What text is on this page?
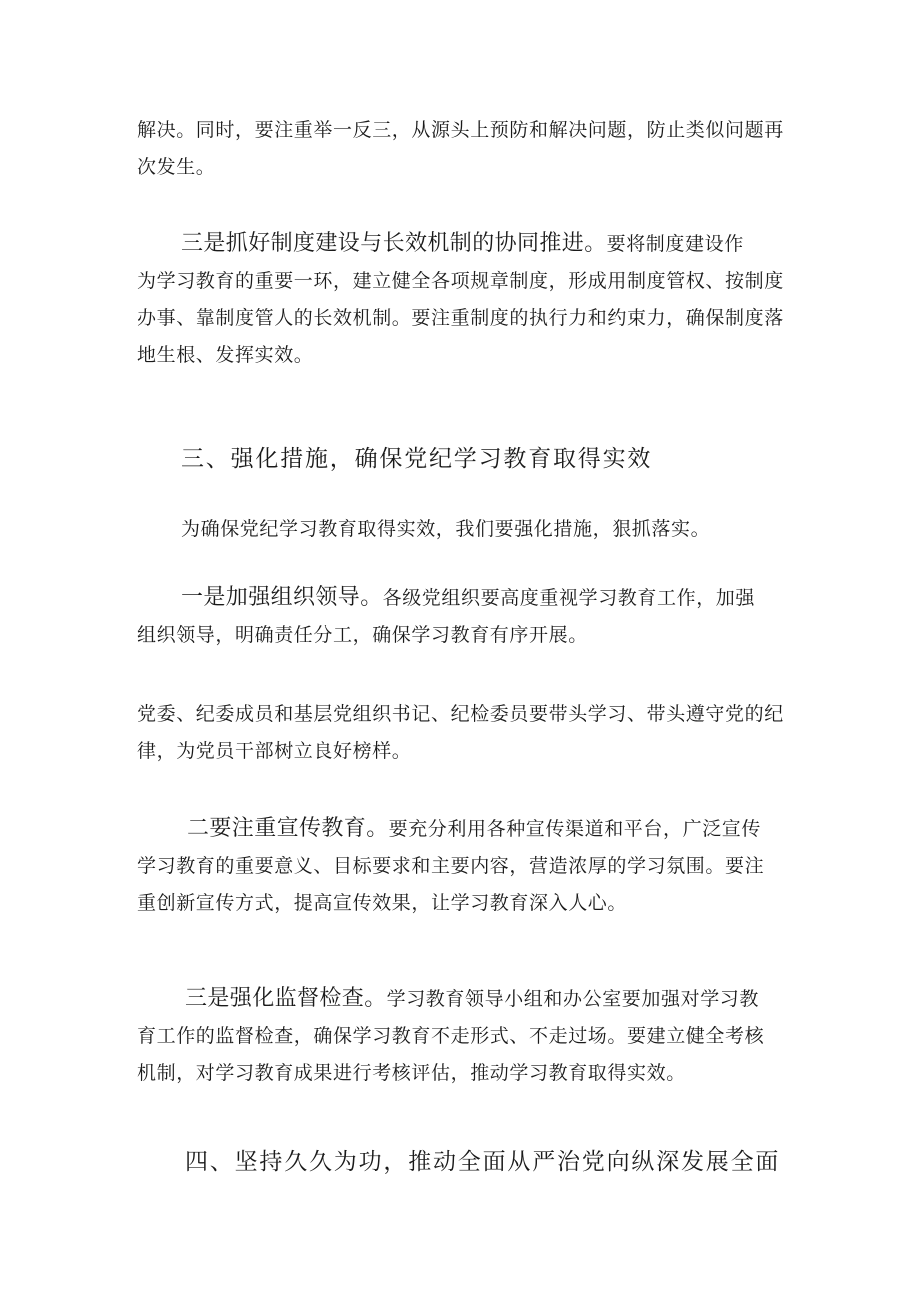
解决。同时，要注重举一反三，从源头上预防和解决问题，防止类似问题再
次发生。
三是抓好制度建设与长效机制的协同推进。要将制度建设作
为学习教育的重要一环，建立健全各项规章制度，形成用制度管权、按制度
办事、靠制度管人的长效机制。要注重制度的执行力和约束力，确保制度落
地生根、发挥实效。
三、强化措施，确保党纪学习教育取得实效
为确保党纪学习教育取得实效，我们要强化措施，狠抓落实。
一是加强组织领导。各级党组织要高度重视学习教育工作，加强
组织领导，明确责任分工，确保学习教育有序开展。
党委、纪委成员和基层党组织书记、纪检委员要带头学习、带头遵守党的纪
律，为党员干部树立良好榜样。
二要注重宣传教育。要充分利用各种宣传渠道和平台，广泛宣传
学习教育的重要意义、目标要求和主要内容，营造浓厚的学习氛围。要注
重创新宣传方式，提高宣传效果，让学习教育深入人心。
三是强化监督检查。学习教育领导小组和办公室要加强对学习教
育工作的监督检查，确保学习教育不走形式、不走过场。要建立健全考核
机制，对学习教育成果进行考核评估，推动学习教育取得实效。
四、坚持久久为功，推动全面从严治党向纵深发展全面
